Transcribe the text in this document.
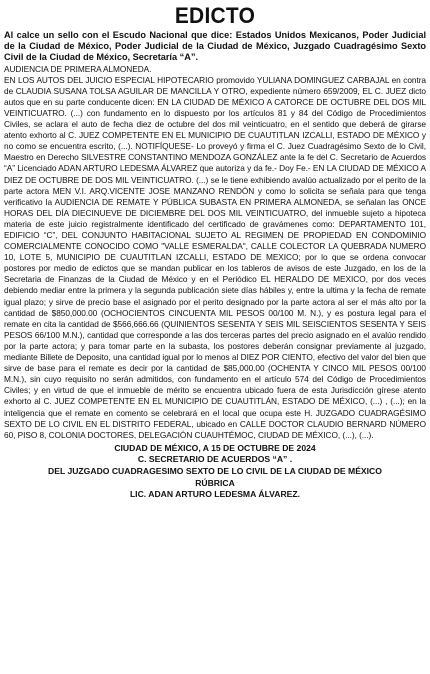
EDICTO

Al calce un sello con el Escudo Nacional que dice: Estados Unidos Mexicanos, Poder Judicial de la Ciudad de México, Poder Judicial de la Ciudad de México, Juzgado Cuadragésimo Sexto Civil de la Ciudad de México, Secretaría “A”.

AUDIENCIA DE PRIMERA ALMONEDA.

EN LOS AUTOS DEL JUICIO ESPECIAL HIPOTECARIO promovido YULIANA DOMINGUEZ CARBAJAL en contra de CLAUDIA SUSANA TOLSA AGUILAR DE MANCILLA Y OTRO, expediente número 659/2009, EL C. JUEZ dicto autos que en su parte conducente dicen: EN LA CIUDAD DE MÉXICO A CATORCE DE OCTUBRE DEL DOS MIL VEINTICUATRO. (...) con fundamento en lo dispuesto por los artículos 81 y 84 del Código de Procedimientos Civiles, se aclara el auto de fecha diez de octubre del dos mil veinticuatro, en el sentido que deberá de girarse atento exhorto al C. JUEZ COMPETENTE EN EL MUNICIPIO DE CUAUTITLAN IZCALLI, ESTADO DE MÉXICO y no como se encuentra escrito, (...). NOTIFÍQUESE- Lo proveyó y firma el C. Juez Cuadragésimo Sexto de lo Civil, Maestro en Derecho SILVESTRE CONSTANTINO MENDOZA GONZÁLEZ ante la fe del C. Secretario de Acuerdos “A” Licenciado ADAN ARTURO LEDESMA ÁLVAREZ que autoriza y da fe.- Doy Fe.- EN LA CIUDAD DE MÉXICO A DIEZ DE OCTUBRE DE DOS MIL VEINTICUATRO. (...) se le tiene exhibiendo avalúo actualizado por el perito de la parte actora MEN V.I. ARQ.VICENTE JOSE MANZANO RENDÓN y como lo solicita se señala para que tenga verificativo la AUDIENCIA DE REMATE Y PÚBLICA SUBASTA EN PRIMERA ALMONEDA, se señalan las ONCE HORAS DEL DÍA DIECINUEVE DE DICIEMBRE DEL DOS MIL VEINTICUATRO, del inmueble sujeto a hipoteca materia de este juicio registralmente identificado del certificado de gravámenes como: DEPARTAMENTO 101, EDIFICIO “C”, DEL CONJUNTO HABITACIONAL SUJETO AL REGIMEN DE PROPIEDAD EN CONDOMINIO COMERCIALMENTE CONOCIDO COMO "VALLE ESMERALDA", CALLE COLECTOR LA QUEBRADA NUMERO 10, LOTE 5, MUNICIPIO DE CUAUTITLAN IZCALLI, ESTADO DE MEXICO; por lo que se ordena convocar postores por medio de edictos que se mandan publicar en los tableros de avisos de este Juzgado, en los de la Secretaria de Finanzas de la Ciudad de México y en el Periódico EL HERALDO DE MEXICO, por dos veces debiendo mediar entre la primera y la segunda publicación siete días hábiles y, entre la ultima y la fecha de remate igual plazo; y sirve de precio base el asignado por el perito designado por la parte actora al ser el más alto por la cantidad de $850,000.00 (OCHOCIENTOS CINCUENTA MIL PESOS 00/100 M. N.), y es postura legal para el remate en cita la cantidad de $566,666.66 (QUINIENTOS SESENTA Y SEIS MIL SEISCIENTOS SESENTA Y SEIS PESOS 66/100 M.N.), cantidad que corresponde a las dos terceras partes del precio asignado en el avalúo rendido por la parte actora; y para tomar parte en la subasta, los postores deberán consignar previamente al juzgado, mediante Billete de Deposito, una cantidad igual por lo menos al DIEZ POR CIENTO, efectivo del valor del bien que sirve de base para el remate es decir por la cantidad de $85,000.00 (OCHENTA Y CINCO MIL PESOS 00/100 M.N.), sin cuyo requisito no serán admitidos, con fundamento en el artículo 574 del Código de Procedimientos Civiles; y en virtud de que el inmueble de mérito se encuentra ubicado fuera de esta Jurisdicción gírese atento exhorto al C. JUEZ COMPETENTE EN EL MUNICIPIO DE CUAUTITLÁN, ESTADO DE MÉXICO, (...) , (...); en la inteligencia que el remate en comento se celebrará en el local que ocupa este H. JUZGADO CUADRAGÉSIMO SEXTO DE LO CIVIL EN EL DISTRITO FEDERAL, ubicado en CALLE DOCTOR CLAUDIO BERNARD NÚMERO 60, PISO 8, COLONIA DOCTORES, DELEGACIÓN CUAUHTÉMOC, CIUDAD DE MÉXICO, (...), (...).

CIUDAD DE MÉXICO, A 15 DE OCTUBRE DE 2024
C. SECRETARIO DE ACUERDOS “A” .
DEL JUZGADO CUADRAGESIMO SEXTO DE LO CIVIL DE LA CIUDAD DE MÉXICO
RÚBRICA
LIC. ADAN ARTURO LEDESMA ÁLVAREZ.
